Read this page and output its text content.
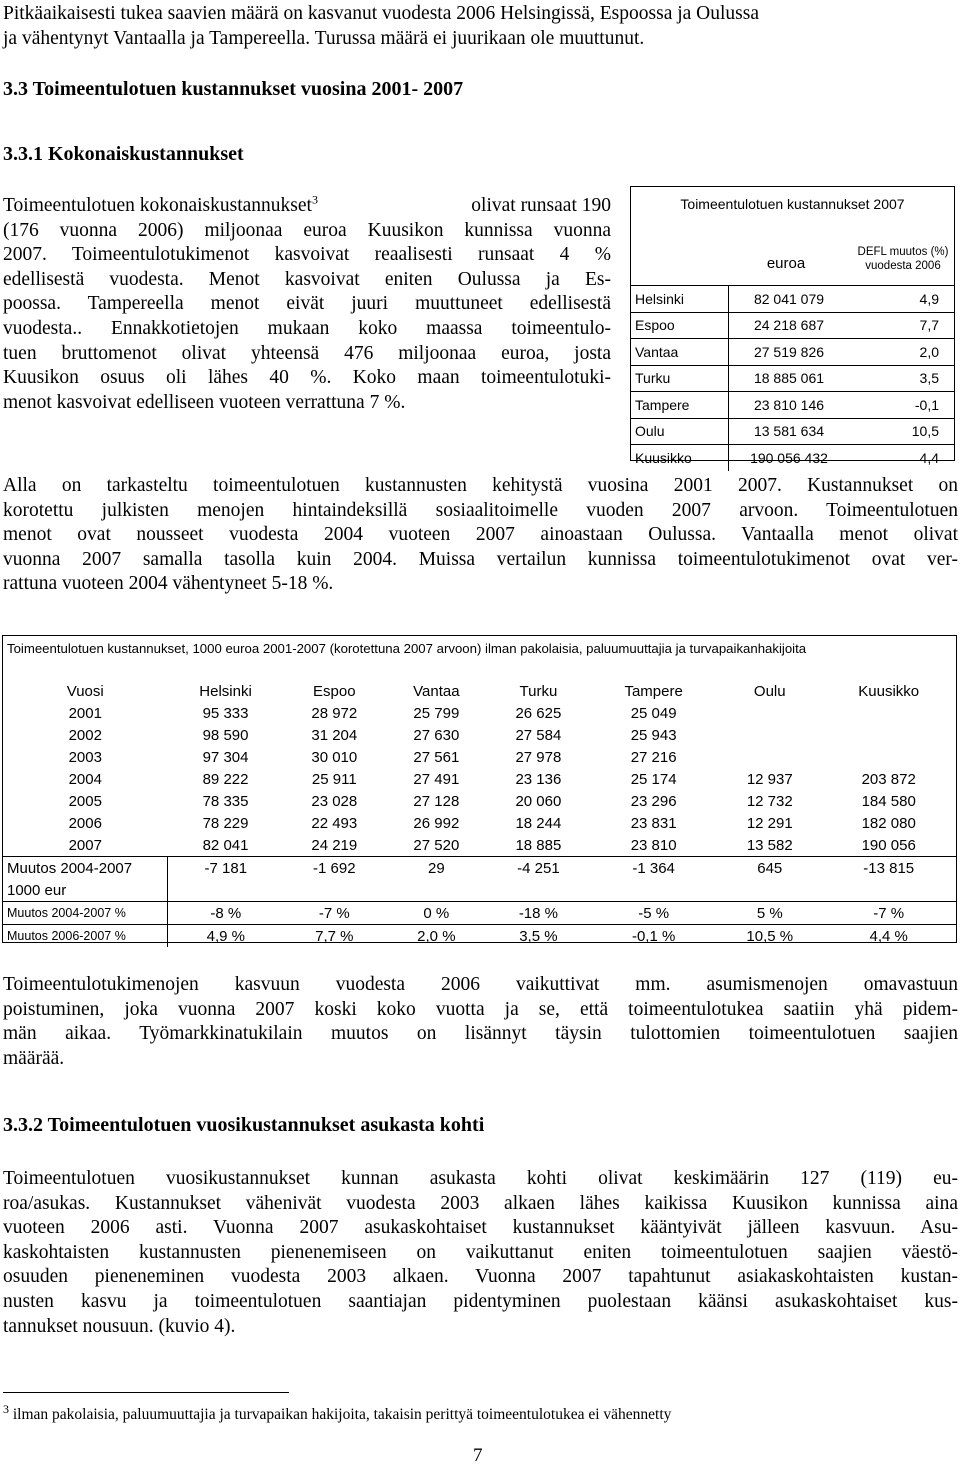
Pitkäaikaisesti tukea saavien määrä on kasvanut vuodesta 2006 Helsingissä, Espoossa ja Oulussa
ja vähentynyt Vantaalla ja Tampereella. Turussa määrä ei juurikaan ole muuttunut.
3.3 Toimeentulotuen kustannukset vuosina 2001- 2007
3.3.1 Kokonaiskustannukset
Toimeentulotuen kokonaiskustannukset$^3$	olivat runsaat 190
(176 vuonna 2006) miljoonaa euroa Kuusikon kunnissa vuonna
2007. Toimeentulotukimenot kasvoivat reaalisesti runsaat 4 %
edellisestä vuodesta. Menot kasvoivat eniten Oulussa ja Es-
poossa. Tampereella menot eivät juuri muuttuneet edellisestä
vuodesta.. Ennakkotietojen mukaan koko maassa toimeentulo-
tuen bruttomenot olivat yhteensä 476 miljoonaa euroa, josta
Kuusikon osuus oli lähes 40 %. Koko maan toimeentulotuki-
menot kasvoivat edelliseen vuoteen verrattuna 7 %.
Toimeentulotuen kustannukset 2007
euroa
DEFL muutos (%) vuodesta 2006
Helsinki	82 041 079	4,9
Espoo	24 218 687	7,7
Vantaa	27 519 826	2,0
Turku	18 885 061	3,5
Tampere	23 810 146	-0,1
Oulu	13 581 634	10,5
Kuusikko	190 056 432	4,4
Alla on tarkasteltu toimeentulotuen kustannusten kehitystä vuosina 2001 2007. Kustannukset on
korotettu julkisten menojen hintaindeksillä sosiaalitoimelle vuoden 2007 arvoon. Toimeentulotuen
menot ovat nousseet vuodesta 2004 vuoteen 2007 ainoastaan Oulussa. Vantaalla menot olivat
vuonna 2007 samalla tasolla kuin 2004. Muissa vertailun kunnissa toimeentulotukimenot ovat ver-
rattuna vuoteen 2004 vähentyneet 5-18 %.
Toimeentulotuen kustannukset, 1000 euroa 2001-2007 (korotettuna 2007 arvoon) ilman pakolaisia, paluumuuttajia ja turvapaikanhakijoita
Vuosi	Helsinki	Espoo	Vantaa	Turku	Tampere	Oulu	Kuusikko
2001	95 333	28 972	25 799	26 625	25 049		
2002	98 590	31 204	27 630	27 584	25 943		
2003	97 304	30 010	27 561	27 978	27 216		
2004	89 222	25 911	27 491	23 136	25 174	12 937	203 872
2005	78 335	23 028	27 128	20 060	23 296	12 732	184 580
2006	78 229	22 493	26 992	18 244	23 831	12 291	182 080
2007	82 041	24 219	27 520	18 885	23 810	13 582	190 056
Muutos 2004-2007	-7 181	-1 692	29	-4 251	-1 364	645	-13 815
1000 eur							
Muutos 2004-2007 %	-8 %	-7 %	0 %	-18 %	-5 %	5 %	-7 %
Muutos 2006-2007 %	4,9 %	7,7 %	2,0 %	3,5 %	-0,1 %	10,5 %	4,4 %
Toimeentulotukimenojen kasvuun vuodesta 2006 vaikuttivat mm. asumismenojen omavastuun
poistuminen, joka vuonna 2007 koski koko vuotta ja se, että toimeentulotukea saatiin yhä pidem-
män aikaa. Työmarkkinatukilain muutos on lisännyt täysin tulottomien toimeentulotuen saajien
määrää.
3.3.2 Toimeentulotuen vuosikustannukset asukasta kohti
Toimeentulotuen vuosikustannukset kunnan asukasta kohti olivat keskimäärin 127 (119) eu-
roa/asukas. Kustannukset vähenivät vuodesta 2003 alkaen lähes kaikissa Kuusikon kunnissa aina
vuoteen 2006 asti. Vuonna 2007 asukaskohtaiset kustannukset kääntyivät jälleen kasvuun. Asu-
kaskohtaisten kustannusten pienenemiseen on vaikuttanut eniten toimeentulotuen saajien väestö-
osuuden pieneneminen vuodesta 2003 alkaen. Vuonna 2007 tapahtunut asiakaskohtaisten kustan-
nusten kasvu ja toimeentulotuen saantiajan pidentyminen puolestaan käänsi asukaskohtaiset kus-
tannukset nousuun. (kuvio 4).
$^3$ ilman pakolaisia, paluumuuttajia ja turvapaikan hakijoita, takaisin perittyä toimeentulotukea ei vähennetty
7
